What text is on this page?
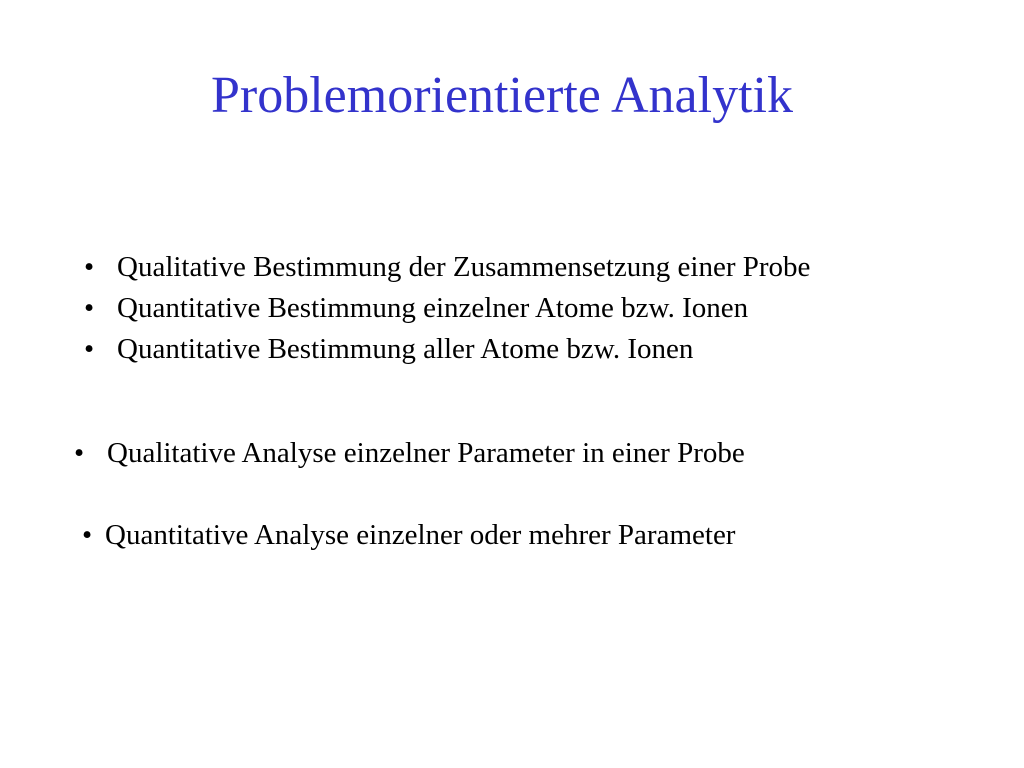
Problemorientierte Analytik
• Qualitative Bestimmung der Zusammensetzung einer Probe
• Quantitative Bestimmung einzelner Atome bzw. Ionen
• Quantitative Bestimmung aller Atome bzw. Ionen
• Qualitative Analyse einzelner Parameter in einer Probe
• Quantitative Analyse einzelner oder mehrer Parameter
